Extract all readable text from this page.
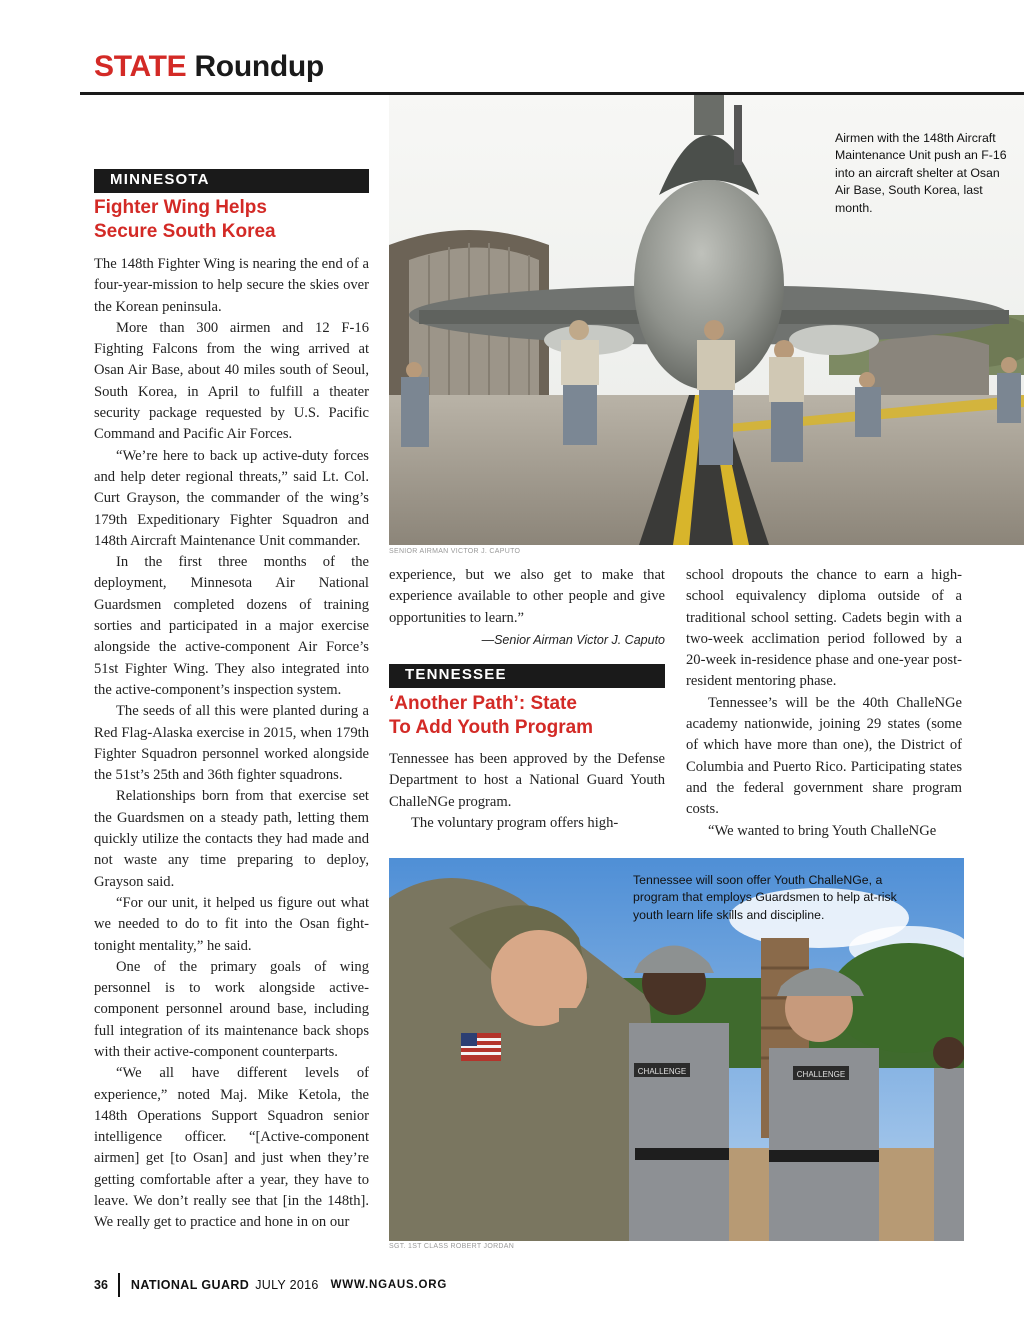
STATE Roundup
MINNESOTA
Fighter Wing Helps
Secure South Korea

The 148th Fighter Wing is nearing the end of a four-year-mission to help secure the skies over the Korean peninsula.

More than 300 airmen and 12 F-16 Fighting Falcons from the wing arrived at Osan Air Base, about 40 miles south of Seoul, South Korea, in April to fulfill a theater security package requested by U.S. Pacific Command and Pacific Air Forces.

“We’re here to back up active-duty forces and help deter regional threats,” said Lt. Col. Curt Grayson, the commander of the wing’s 179th Expeditionary Fighter Squadron and 148th Aircraft Maintenance Unit commander.

In the first three months of the deployment, Minnesota Air National Guardsmen completed dozens of training sorties and participated in a major exercise alongside the active-component Air Force’s 51st Fighter Wing. They also integrated into the active-component’s inspection system.

The seeds of all this were planted during a Red Flag-Alaska exercise in 2015, when 179th Fighter Squadron personnel worked alongside the 51st’s 25th and 36th fighter squadrons.

Relationships born from that exercise set the Guardsmen on a steady path, letting them quickly utilize the contacts they had made and not waste any time preparing to deploy, Grayson said.

“For our unit, it helped us figure out what we needed to do to fit into the Osan fight-tonight mentality,” he said.

One of the primary goals of wing personnel is to work alongside active-component personnel around base, including full integration of its maintenance back shops with their active-component counterparts.

“We all have different levels of experience,” noted Maj. Mike Ketola, the 148th Operations Support Squadron senior intelligence officer. “[Active-component airmen] get [to Osan] and just when they’re getting comfortable after a year, they have to leave. We don’t really see that [in the 148th]. We really get to practice and hone in on our

Airmen with the 148th Aircraft Maintenance Unit push an F-16 into an aircraft shelter at Osan Air Base, South Korea, last month.
SENIOR AIRMAN VICTOR J. CAPUTO

experience, but we also get to make that experience available to other people and give opportunities to learn.”

—Senior Airman Victor J. Caputo
TENNESSEE
‘Another Path’: State
To Add Youth Program

Tennessee has been approved by the Defense Department to host a National Guard Youth ChalleNGe program.

The voluntary program offers high-

school dropouts the chance to earn a high-school equivalency diploma outside of a traditional school setting. Cadets begin with a two-week acclimation period followed by a 20-week in-residence phase and one-year post-resident mentoring phase.

Tennessee’s will be the 40th ChalleNGe academy nationwide, joining 29 states (some of which have more than one), the District of Columbia and Puerto Rico. Participating states and the federal government share program costs.

“We wanted to bring Youth ChalleNGe

CHALLENGE	CHALLENGE
Tennessee will soon offer Youth ChalleNGe, a program that employs Guardsmen to help at-risk youth learn life skills and discipline.
SGT. 1ST CLASS ROBERT JORDAN
36 NATIONAL GUARD JULY 2016 WWW.NGAUS.ORG
